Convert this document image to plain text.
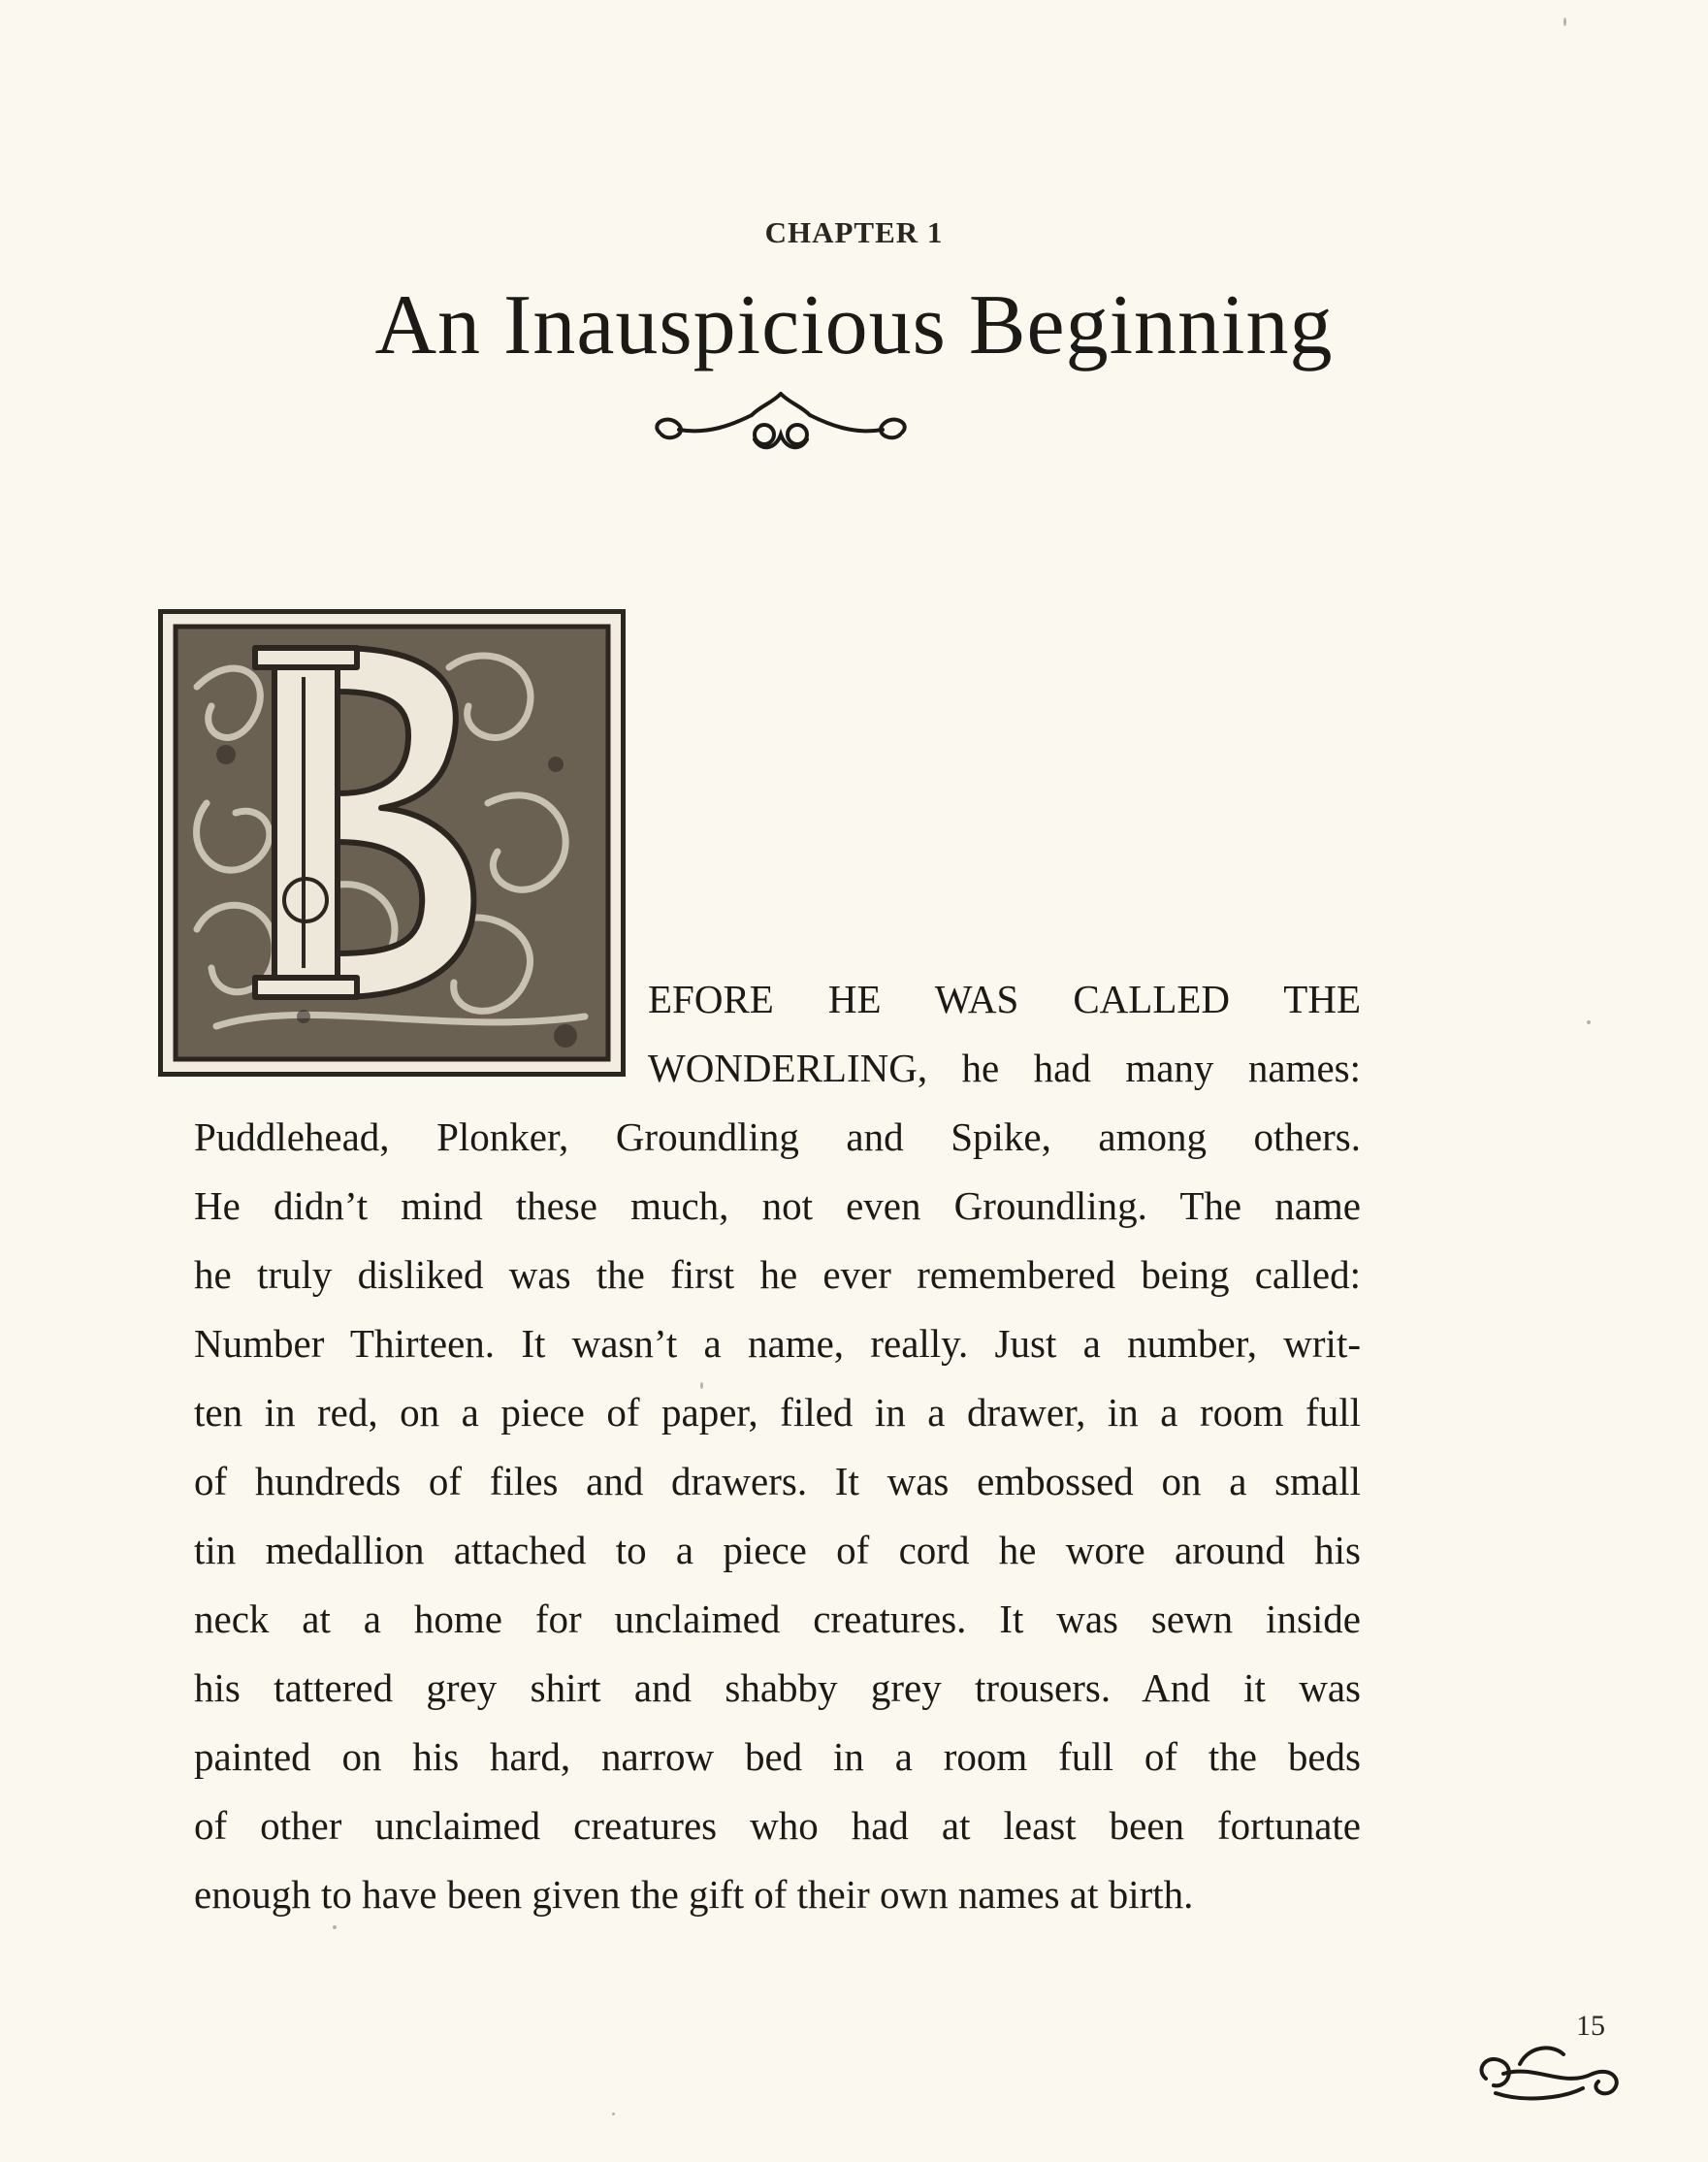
CHAPTER 1
An Inauspicious Beginning
EFORE HE WAS CALLED THE
WONDERLING, he had many names:
Puddlehead, Plonker, Groundling and Spike, among others.
He didn’t mind these much, not even Groundling. The name
he truly disliked was the first he ever remembered being called:
Number Thirteen. It wasn’t a name, really. Just a number, writ-
ten in red, on a piece of paper, filed in a drawer, in a room full
of hundreds of files and drawers. It was embossed on a small
tin medallion attached to a piece of cord he wore around his
neck at a home for unclaimed creatures. It was sewn inside
his tattered grey shirt and shabby grey trousers. And it was
painted on his hard, narrow bed in a room full of the beds
of other unclaimed creatures who had at least been fortunate
enough to have been given the gift of their own names at birth.
15
